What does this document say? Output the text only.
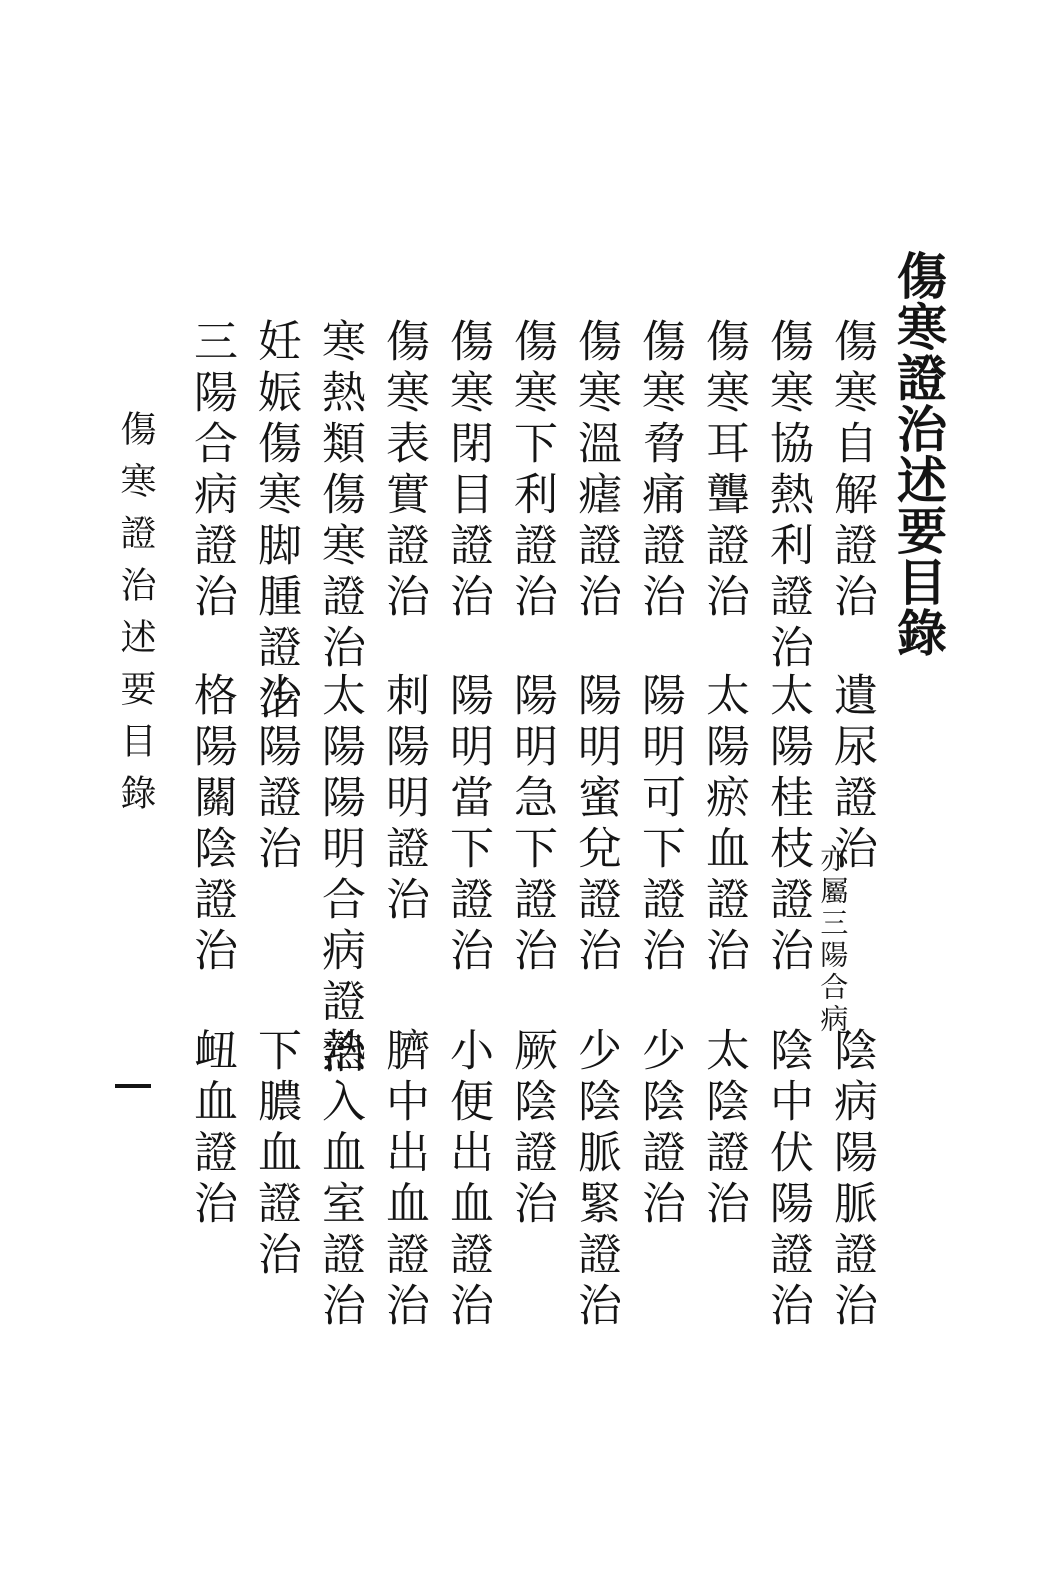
傷寒證治述要目錄
傷寒自解證治
遺尿證治
亦屬三陽合病
陰病陽脈證治
傷寒協熱利證治
太陽桂枝證治
陰中伏陽證治
傷寒耳聾證治
太陽瘀血證治
太陰證治
傷寒脅痛證治
陽明可下證治
少陰證治
傷寒溫瘧證治
陽明蜜兌證治
少陰脈緊證治
傷寒下利證治
陽明急下證治
厥陰證治
傷寒閉目證治
陽明當下證治
小便出血證治
傷寒表實證治
刺陽明證治
臍中出血證治
寒熱類傷寒證治
太陽陽明合病證治
熱入血室證治
妊娠傷寒脚腫證治
少陽證治
下膿血證治
三陽合病證治
格陽關陰證治
衄血證治
傷寒證治述要目錄
